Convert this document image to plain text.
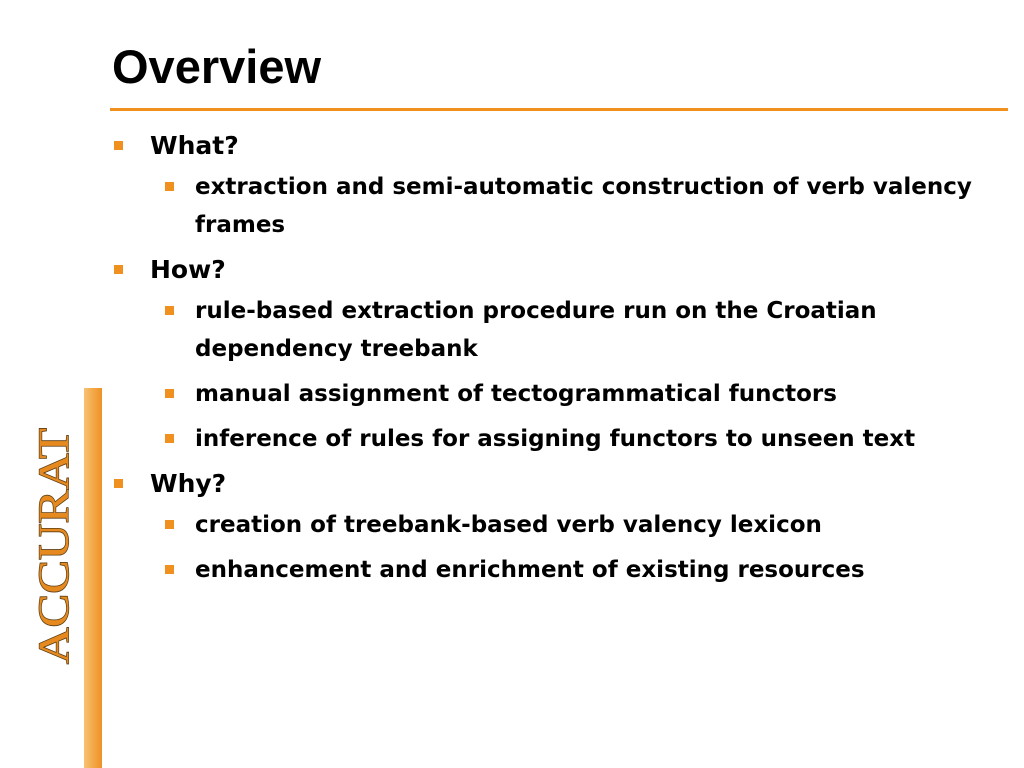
Overview
ACCURAT
What?
extraction and semi-automatic construction of verb valency frames
How?
rule-based extraction procedure run on the Croatian dependency treebank
manual assignment of tectogrammatical functors
inference of rules for assigning functors to unseen text
Why?
creation of treebank-based verb valency lexicon
enhancement and enrichment of existing resources
